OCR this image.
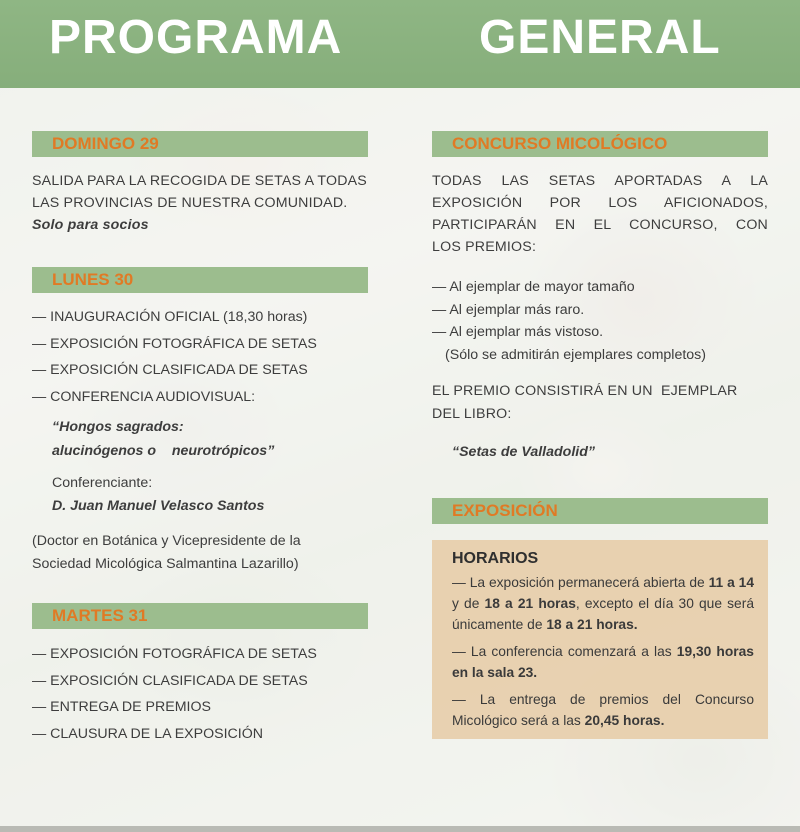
PROGRAMA	GENERAL
DOMINGO 29
SALIDA PARA LA RECOGIDA DE SETAS A TODAS
LAS PROVINCIAS DE NUESTRA COMUNIDAD.
Solo para socios
LUNES 30
— INAUGURACIÓN OFICIAL (18,30 horas)
— EXPOSICIÓN FOTOGRÁFICA DE SETAS
— EXPOSICIÓN CLASIFICADA DE SETAS
— CONFERENCIA AUDIOVISUAL:
“Hongos sagrados:
alucinógenos o    neurotrópicos”
Conferenciante:
D. Juan Manuel Velasco Santos
(Doctor en Botánica y Vicepresidente de la
Sociedad Micológica Salmantina Lazarillo)
MARTES 31
— EXPOSICIÓN FOTOGRÁFICA DE SETAS
— EXPOSICIÓN CLASIFICADA DE SETAS
— ENTREGA DE PREMIOS
— CLAUSURA DE LA EXPOSICIÓN
CONCURSO MICOLÓGICO
TODAS LAS SETAS APORTADAS A LA
EXPOSICIÓN POR LOS AFICIONADOS,
PARTICIPARÁN EN EL CONCURSO, CON
LOS PREMIOS:
— Al ejemplar de mayor tamaño
— Al ejemplar más raro.
— Al ejemplar más vistoso.
(Sólo se admitirán ejemplares completos)
EL PREMIO CONSISTIRÁ EN UN  EJEMPLAR
DEL LIBRO:
“Setas de Valladolid”
EXPOSICIÓN
HORARIOS

— La exposición permanecerá abierta de 11 a 14 y de 18 a 21 horas, excepto el día 30 que será únicamente de 18 a 21 horas.

— La conferencia comenzará a las 19,30 horas en la sala 23.

— La entrega de premios del Concurso Micológico será a las 20,45 horas.
